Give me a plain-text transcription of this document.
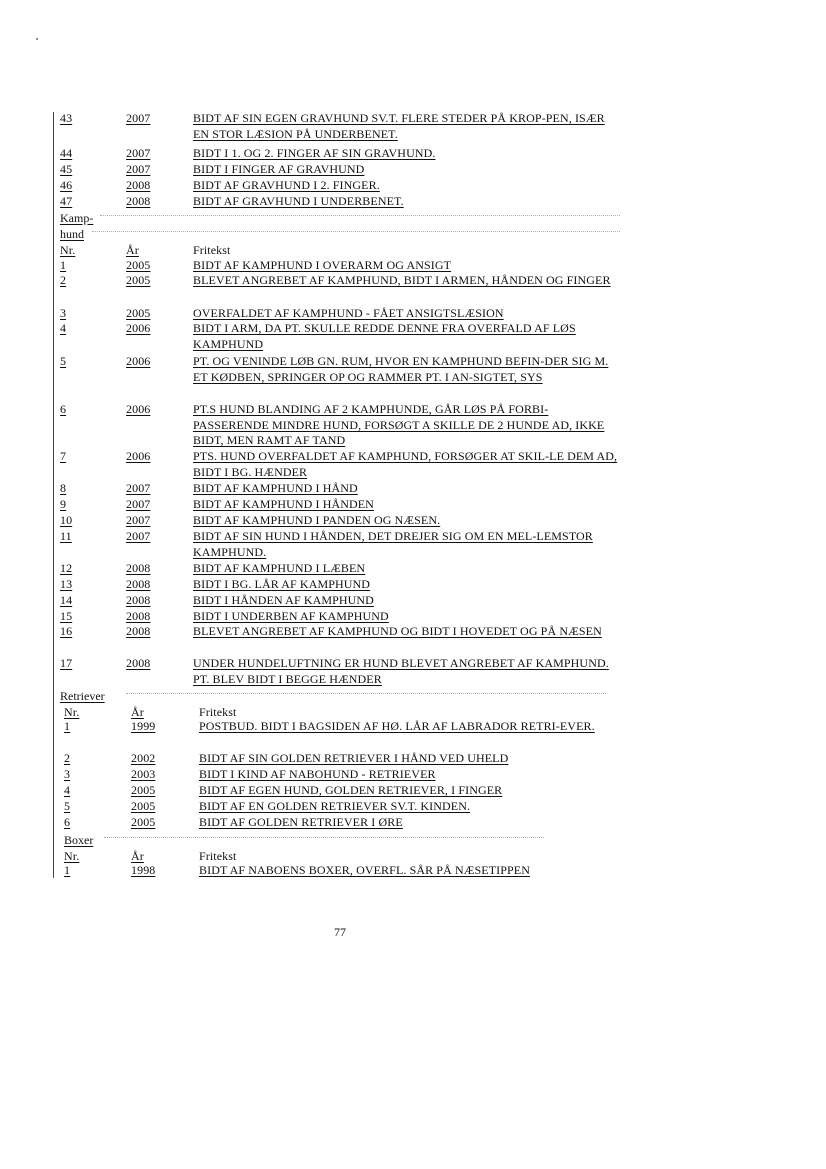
43	2007	BIDT AF SIN EGEN GRAVHUND SV.T. FLERE STEDER PÅ KROP-PEN, ISÆR EN STOR LÆSION PÅ UNDERBENET.
44	2007	BIDT I 1. OG 2. FINGER AF SIN GRAVHUND.
45	2007	BIDT I FINGER AF GRAVHUND
46	2008	BIDT AF GRAVHUND I 2. FINGER.
47	2008	BIDT AF GRAVHUND I UNDERBENET.
Kamp-
hund
Nr.	År	Fritekst
1	2005	BIDT AF KAMPHUND I OVERARM OG ANSIGT
2	2005	BLEVET ANGREBET AF KAMPHUND, BIDT I ARMEN, HÅNDEN OG FINGER
3	2005	OVERFALDET AF KAMPHUND - FÅET ANSIGTSLÆSION
4	2006	BIDT I ARM, DA PT. SKULLE REDDE DENNE FRA OVERFALD AF LØS KAMPHUND
5	2006	PT. OG VENINDE LØB GN. RUM, HVOR EN KAMPHUND BEFIN-DER SIG M. ET KØDBEN, SPRINGER OP OG RAMMER PT. I AN-SIGTET, SYS
6	2006	PT.S HUND BLANDING AF 2 KAMPHUNDE, GÅR LØS PÅ FORBI-PASSERENDE MINDRE HUND, FORSØGT A SKILLE DE 2 HUNDE AD, IKKE BIDT, MEN RAMT AF TAND
7	2006	PTS. HUND OVERFALDET AF KAMPHUND, FORSØGER AT SKIL-LE DEM AD, BIDT I BG. HÆNDER
8	2007	BIDT AF KAMPHUND I HÅND
9	2007	BIDT AF KAMPHUND I HÅNDEN
10	2007	BIDT AF KAMPHUND I PANDEN OG NÆSEN.
11	2007	BIDT AF SIN HUND I HÅNDEN, DET DREJER SIG OM EN MEL-LEMSTOR KAMPHUND.
12	2008	BIDT AF KAMPHUND I LÆBEN
13	2008	BIDT I BG. LÅR AF KAMPHUND
14	2008	BIDT I HÅNDEN AF KAMPHUND
15	2008	BIDT I UNDERBEN AF KAMPHUND
16	2008	BLEVET ANGREBET AF KAMPHUND OG BIDT I HOVEDET OG PÅ NÆSEN
17	2008	UNDER HUNDELUFTNING ER HUND BLEVET ANGREBET AF KAMPHUND. PT. BLEV BIDT I BEGGE HÆNDER
Retriever
Nr.	År	Fritekst
1	1999	POSTBUD. BIDT I BAGSIDEN AF HØ. LÅR AF LABRADOR RETRI-EVER.
2	2002	BIDT AF SIN GOLDEN RETRIEVER I HÅND VED UHELD
3	2003	BIDT I KIND AF NABOHUND - RETRIEVER
4	2005	BIDT AF EGEN HUND, GOLDEN RETRIEVER, I FINGER
5	2005	BIDT AF EN GOLDEN RETRIEVER SV.T. KINDEN.
6	2005	BIDT AF GOLDEN RETRIEVER I ØRE
Boxer
Nr.	År	Fritekst
1	1998	BIDT AF NABOENS BOXER, OVERFL. SÅR PÅ NÆSETIPPEN
77
